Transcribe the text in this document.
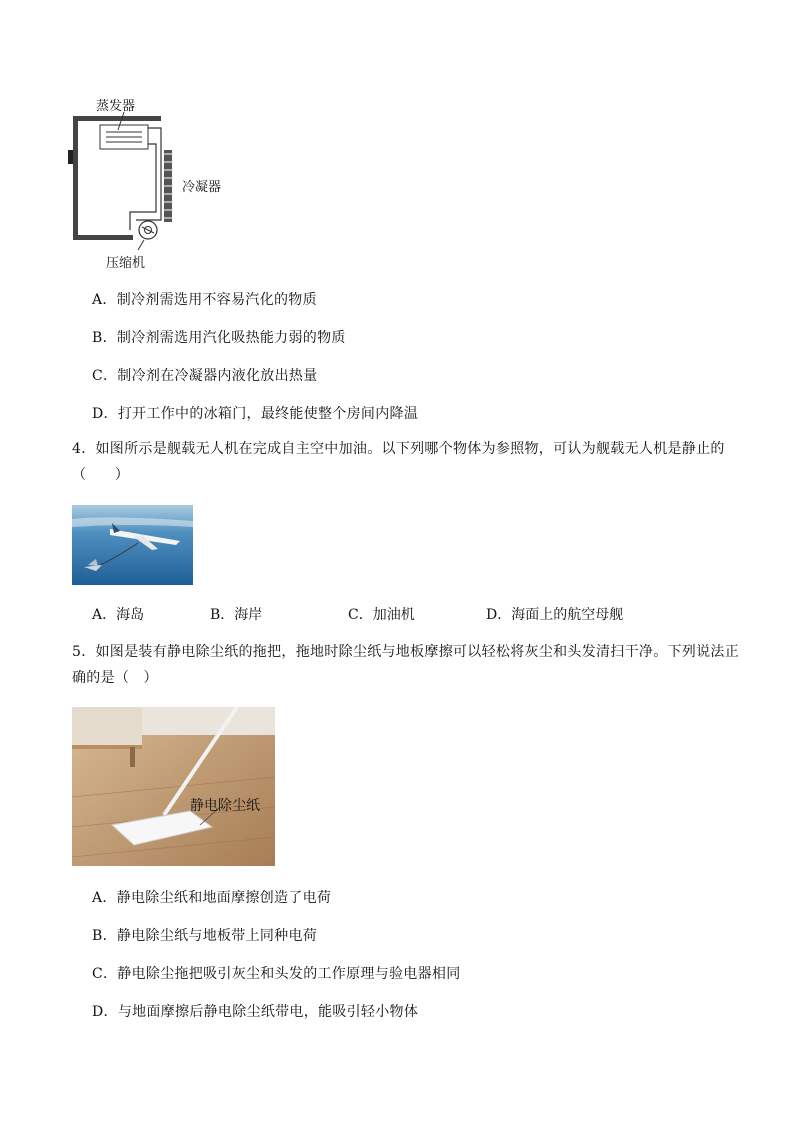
蒸发器
冷凝器
压缩机
A．制冷剂需选用不容易汽化的物质
B．制冷剂需选用汽化吸热能力弱的物质
C．制冷剂在冷凝器内液化放出热量
D．打开工作中的冰箱门，最终能使整个房间内降温
4．如图所示是舰载无人机在完成自主空中加油。以下列哪个物体为参照物，可认为舰载无人机是静止的
（　　）
A．海岛	B．海岸	C．加油机	D．海面上的航空母舰
5．如图是装有静电除尘纸的拖把，拖地时除尘纸与地板摩擦可以轻松将灰尘和头发清扫干净。下列说法正
确的是（　）
静电除尘纸
A．静电除尘纸和地面摩擦创造了电荷
B．静电除尘纸与地板带上同种电荷
C．静电除尘拖把吸引灰尘和头发的工作原理与验电器相同
D．与地面摩擦后静电除尘纸带电，能吸引轻小物体
